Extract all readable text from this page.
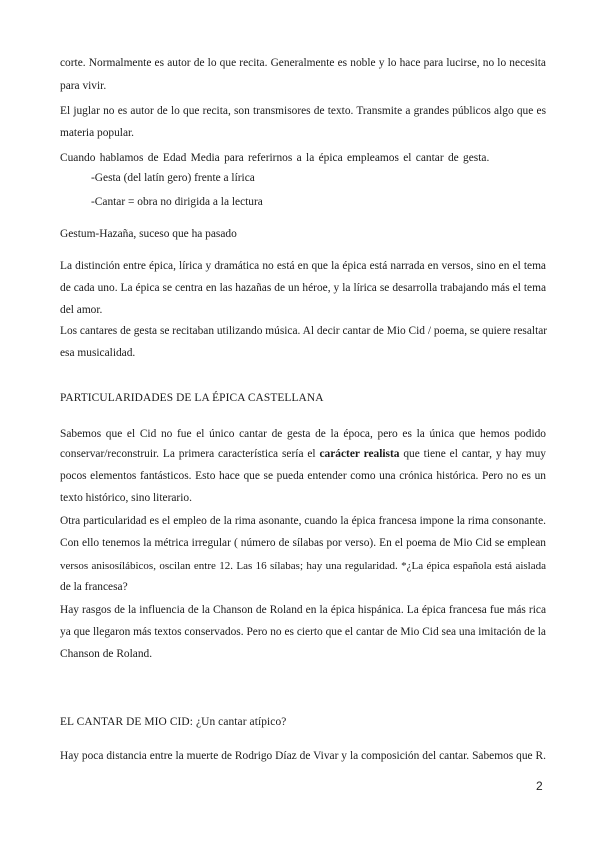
corte. Normalmente es autor de lo que recita. Generalmente es noble y lo hace para lucirse, no lo necesita
para vivir.
El juglar no es autor de lo que recita, son transmisores de texto. Transmite a grandes públicos algo que es
materia popular.
Cuando hablamos de Edad Media para referirnos a la épica empleamos el cantar de gesta.
-Gesta (del latín gero) frente a lírica
-Cantar = obra no dirigida a la lectura
Gestum-Hazaña, suceso que ha pasado
La distinción entre épica, lírica y dramática no está en que la épica está narrada en versos, sino en el tema
de cada uno. La épica se centra en las hazañas de un héroe, y la lírica se desarrolla trabajando más el tema
del amor.
Los cantares de gesta se recitaban utilizando música. Al decir cantar de Mio Cid / poema, se quiere resaltar
esa musicalidad.
PARTICULARIDADES DE LA ÉPICA CASTELLANA
Sabemos que el Cid no fue el único cantar de gesta de la época, pero es la única que hemos podido
conservar/reconstruir. La primera característica sería el carácter realista que tiene el cantar, y hay muy
pocos elementos fantásticos. Esto hace que se pueda entender como una crónica histórica. Pero no es un
texto histórico, sino literario.
Otra particularidad es el empleo de la rima asonante, cuando la épica francesa impone la rima consonante.
Con ello tenemos la métrica irregular ( número de sílabas por verso). En el poema de Mio Cid se emplean
versos anisosílábicos, oscilan entre 12. Las 16 sílabas; hay una regularidad. *¿La épica española está aislada
de la francesa?
Hay rasgos de la influencia de la Chanson de Roland en la épica hispánica. La épica francesa fue más rica
ya que llegaron más textos conservados. Pero no es cierto que el cantar de Mio Cid sea una imitación de la
Chanson de Roland.
EL CANTAR DE MIO CID: ¿Un cantar atípico?
Hay poca distancia entre la muerte de Rodrigo Díaz de Vivar y la composición del cantar. Sabemos que R.
2
